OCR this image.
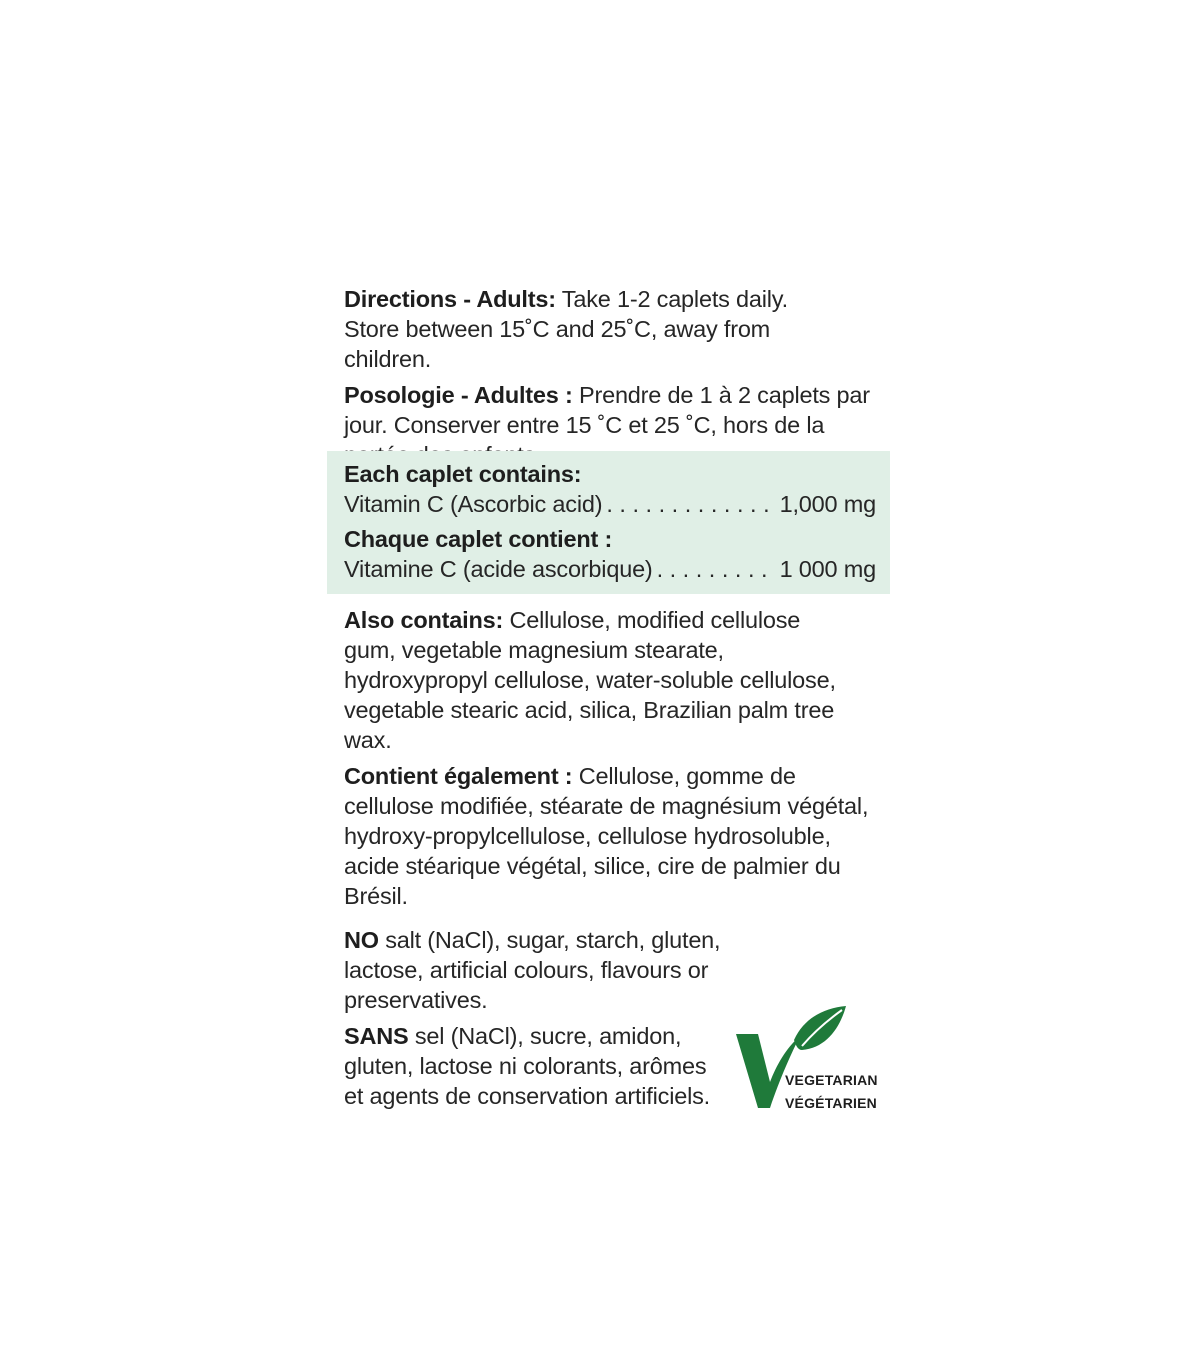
Directions - Adults: Take 1-2 caplets daily. Store between 15˚C and 25˚C, away from children.

Posologie - Adultes : Prendre de 1 à 2 caplets par jour. Conserver entre 15 ˚C et 25 ˚C, hors de la

Each caplet contains:

Vitamin C (Ascorbic acid) . . .	1,000 mg

Chaque caplet contient :

Vitamine C (acide ascorbique) . . .	1 000 mg

Also contains: Cellulose, modified cellulose gum, vegetable magnesium stearate, hydroxypropyl cellulose, water-soluble cellulose, vegetable stearic acid, silica, Brazilian palm tree wax.

Contient également : Cellulose, gomme de cellulose modifiée, stéarate de magnésium végétal, hydroxy-propylcellulose, cellulose hydrosoluble, acide stéarique végétal, silice, cire de palmier du Brésil.

NO salt (NaCl), sugar, starch, gluten, lactose, artificial colours, flavours or preservatives.

SANS sel (NaCl), sucre, amidon, gluten, lactose ni colorants, arômes et agents de conservation artificiels.

VEGETARIAN
VÉGÉTARIEN
